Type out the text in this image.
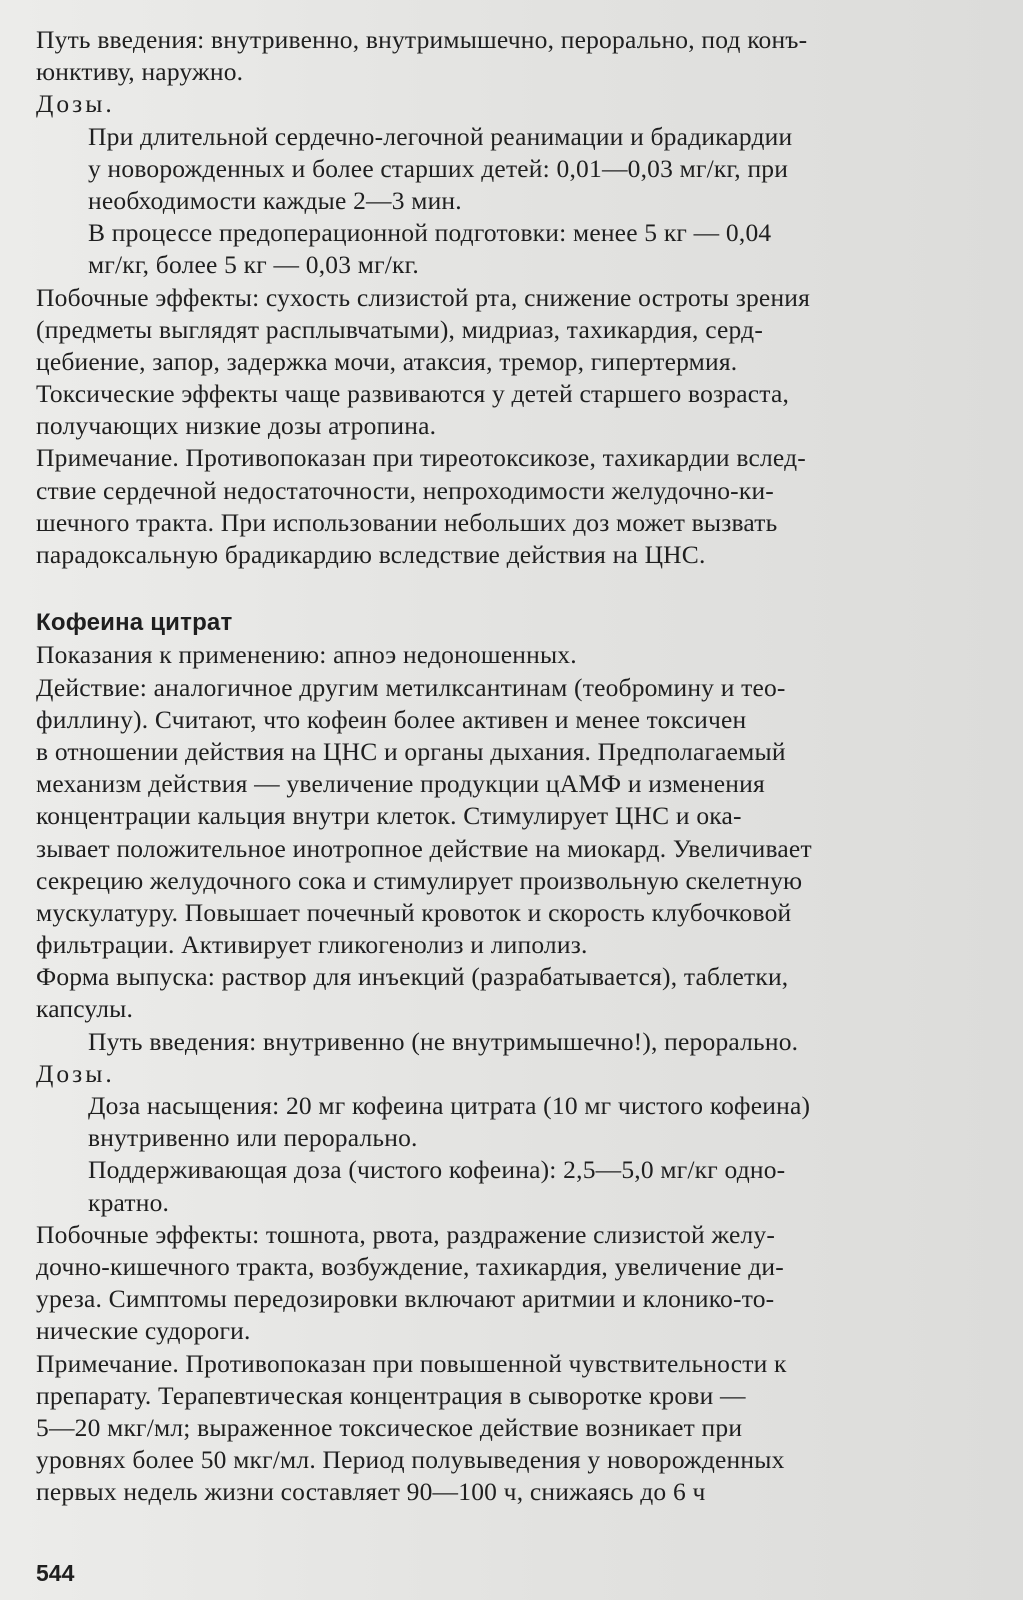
Путь введения: внутривенно, внутримышечно, перорально, под конъ-
юнктиву, наружно.
Дозы.
При длительной сердечно-легочной реанимации и брадикардии
у новорожденных и более старших детей: 0,01—0,03 мг/кг, при
необходимости каждые 2—3 мин.
В процессе предоперационной подготовки: менее 5 кг — 0,04
мг/кг, более 5 кг — 0,03 мг/кг.
Побочные эффекты: сухость слизистой рта, снижение остроты зрения
(предметы выглядят расплывчатыми), мидриаз, тахикардия, серд-
цебиение, запор, задержка мочи, атаксия, тремор, гипертермия.
Токсические эффекты чаще развиваются у детей старшего возраста,
получающих низкие дозы атропина.
Примечание. Противопоказан при тиреотоксикозе, тахикардии вслед-
ствие сердечной недостаточности, непроходимости желудочно-ки-
шечного тракта. При использовании небольших доз может вызвать
парадоксальную брадикардию вследствие действия на ЦНС.
Кофеина цитрат
Показания к применению: апноэ недоношенных.
Действие: аналогичное другим метилксантинам (теобромину и тео-
филлину). Считают, что кофеин более активен и менее токсичен
в отношении действия на ЦНС и органы дыхания. Предполагаемый
механизм действия — увеличение продукции цАМФ и изменения
концентрации кальция внутри клеток. Стимулирует ЦНС и ока-
зывает положительное инотропное действие на миокард. Увеличивает
секрецию желудочного сока и стимулирует произвольную скелетную
мускулатуру. Повышает почечный кровоток и скорость клубочковой
фильтрации. Активирует гликогенолиз и липолиз.
Форма выпуска: раствор для инъекций (разрабатывается), таблетки,
капсулы.
Путь введения: внутривенно (не внутримышечно!), перорально.
Дозы.
Доза насыщения: 20 мг кофеина цитрата (10 мг чистого кофеина)
внутривенно или перорально.
Поддерживающая доза (чистого кофеина): 2,5—5,0 мг/кг одно-
кратно.
Побочные эффекты: тошнота, рвота, раздражение слизистой желу-
дочно-кишечного тракта, возбуждение, тахикардия, увеличение ди-
уреза. Симптомы передозировки включают аритмии и клонико-то-
нические судороги.
Примечание. Противопоказан при повышенной чувствительности к
препарату. Терапевтическая концентрация в сыворотке крови —
5—20 мкг/мл; выраженное токсическое действие возникает при
уровнях более 50 мкг/мл. Период полувыведения у новорожденных
первых недель жизни составляет 90—100 ч, снижаясь до 6 ч
544
